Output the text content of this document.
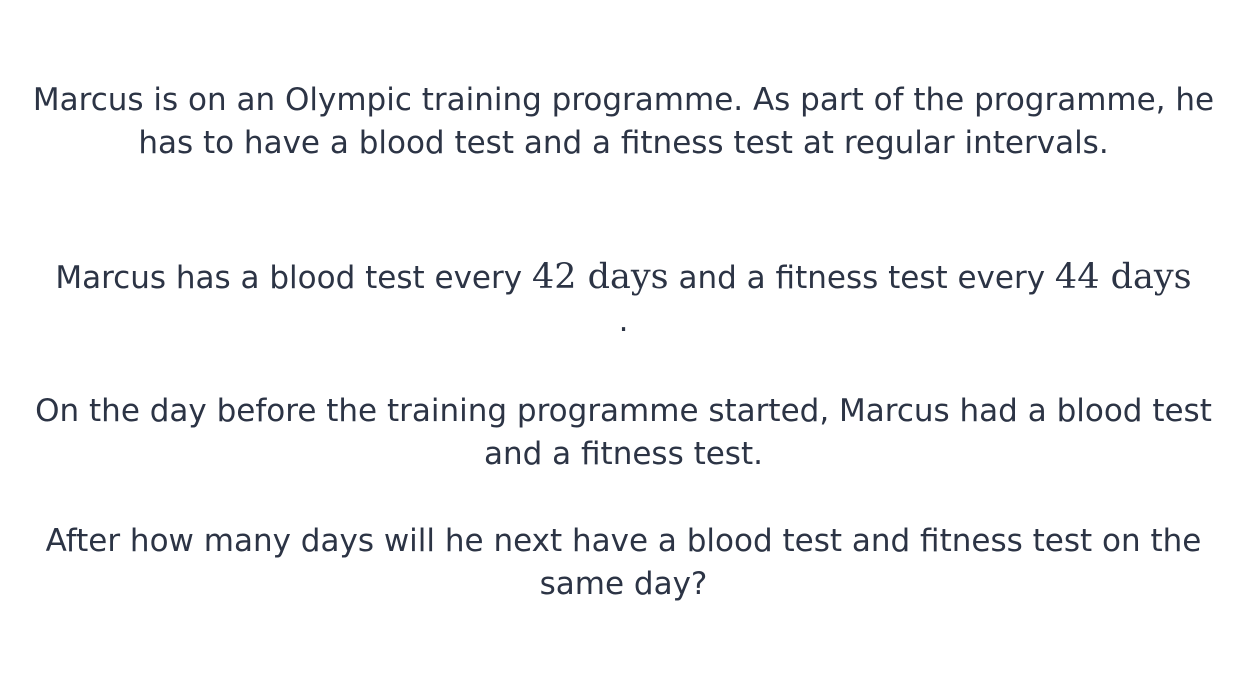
Marcus is on an Olympic training programme. As part of the programme, he has to have a blood test and a fitness test at regular intervals.

Marcus has a blood test every 42 days and a fitness test every 44 days
.

On the day before the training programme started, Marcus had a blood test and a fitness test.

After how many days will he next have a blood test and fitness test on the same day?
